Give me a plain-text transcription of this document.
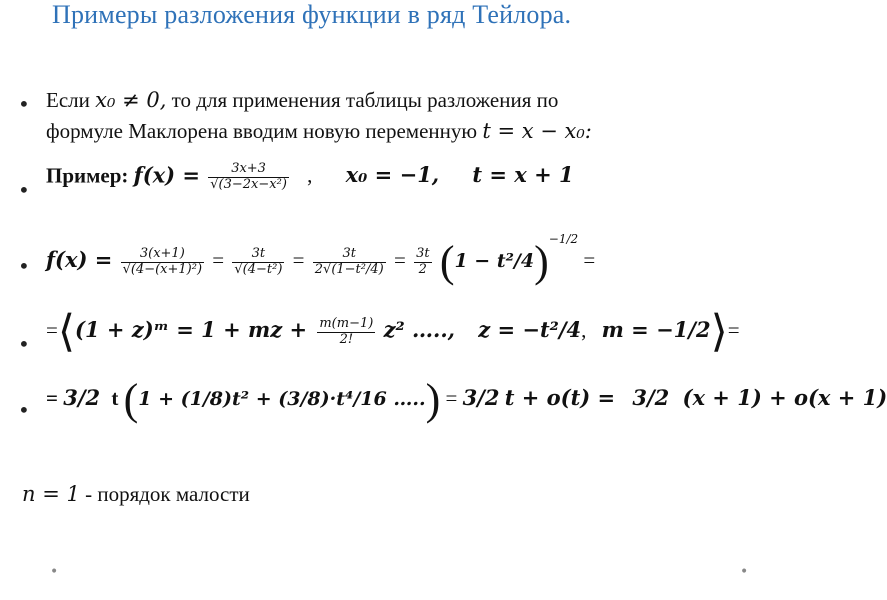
Примеры разложения функции в ряд Тейлора.
• Если x₀ ≠ 0, то для применения таблицы разложения по
формуле Маклорена вводим новую переменную t = x − x₀:
•
Пример: $f(x) = \frac{3x+3}{\text{√(3−2x−x²)}}$ , x₀ = −1, t = x + 1
• $f(x) = \frac{3(x+1)}{\text{√(4−(x+1)²)}} = \frac{3t}{\text{√(4−t²)}} = \frac{3t}{\text{2√(1−t²/4)}} = \frac{3t}{2} (1 - t^2/4)^{-1/2}$ =
•
=⟨(1 + z)ᵐ = 1 + mz + $\frac{m(m-1)}{2!} z^2$ ….., z = −t²/4, m = −1/2⟩=
•
= 3/2 t (1 + (1/8)t² + (3/8)·t⁴/16 …..) = 3/2 t + o(t) = 3/2 (x + 1) + o(x + 1)
n = 1 - порядок малости
•	•
